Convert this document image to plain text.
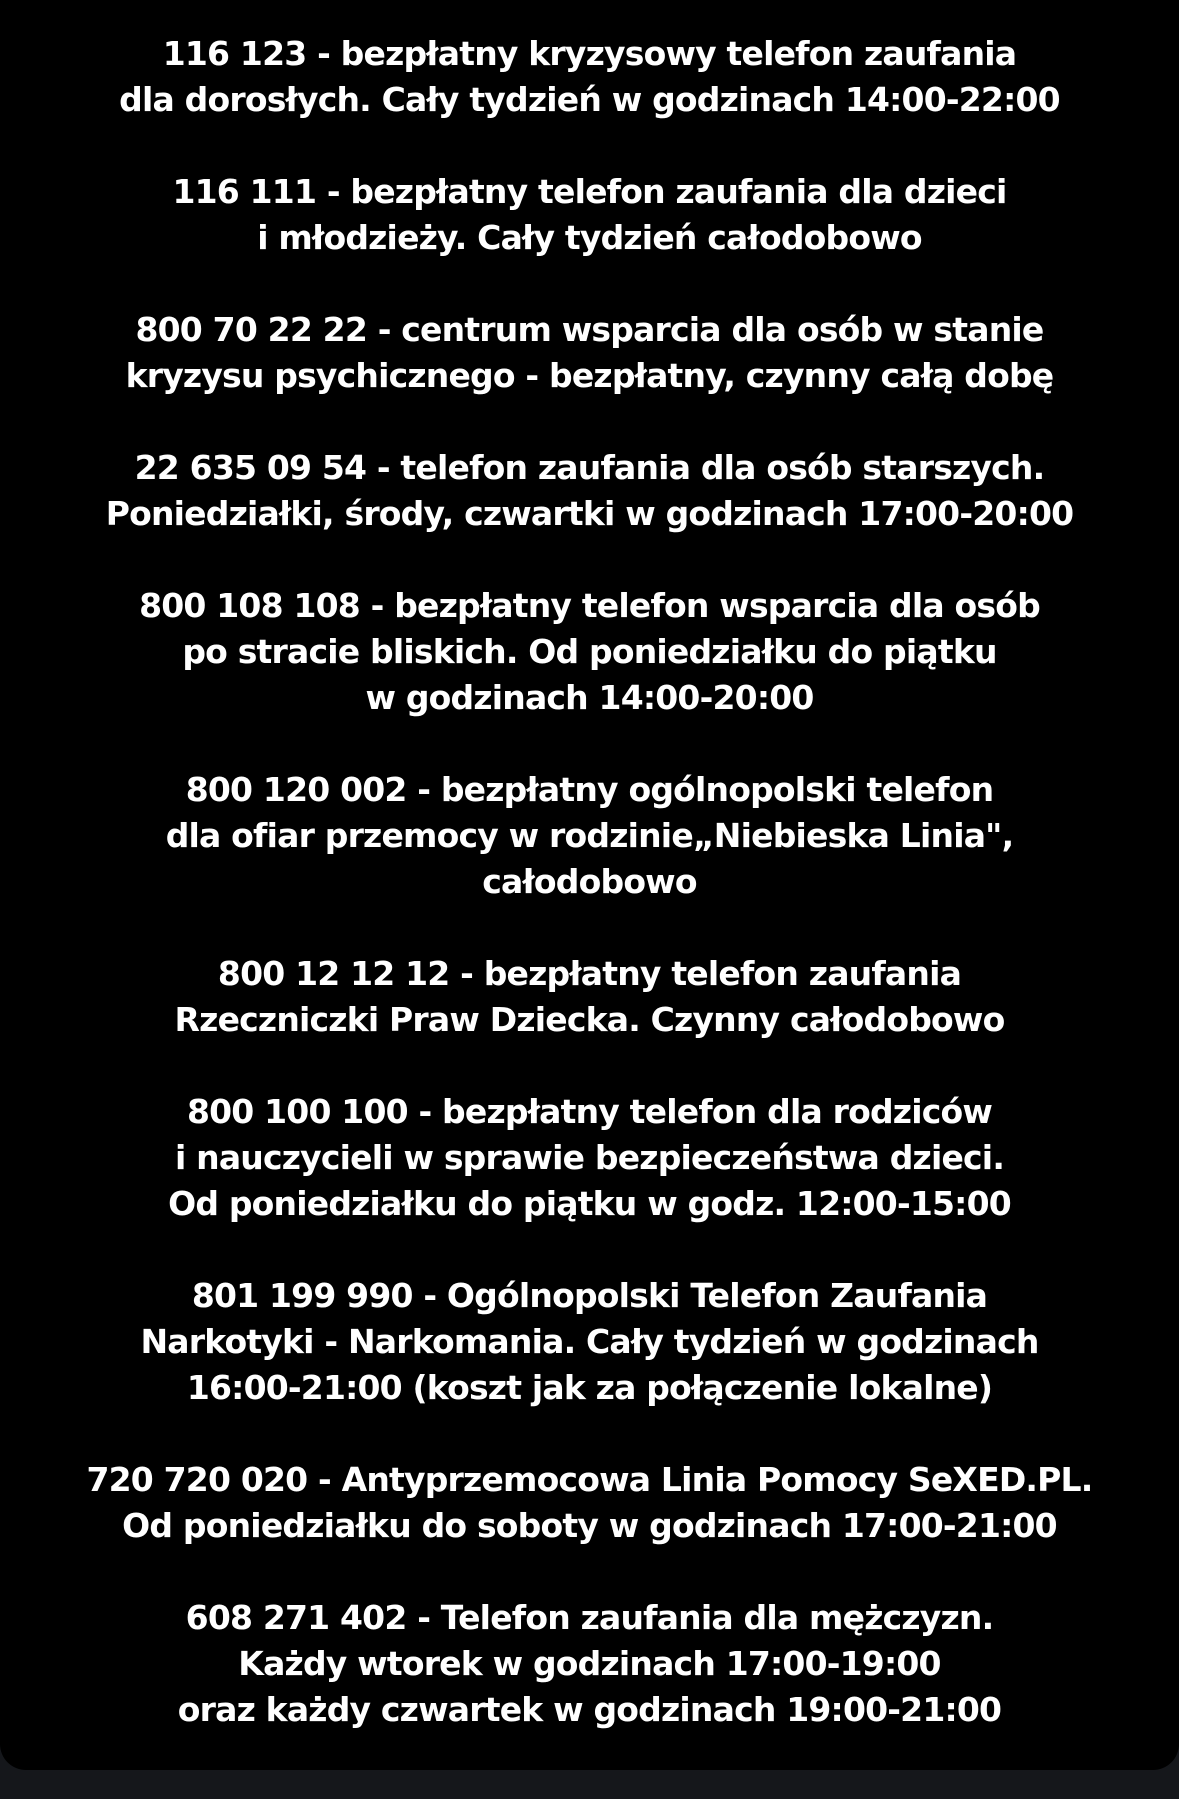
116 123 - bezpłatny kryzysowy telefon zaufania
dla dorosłych. Cały tydzień w godzinach 14:00-22:00
116 111 - bezpłatny telefon zaufania dla dzieci
i młodzieży. Cały tydzień całodobowo
800 70 22 22 - centrum wsparcia dla osób w stanie
kryzysu psychicznego - bezpłatny, czynny całą dobę
22 635 09 54 - telefon zaufania dla osób starszych.
Poniedziałki, środy, czwartki w godzinach 17:00-20:00
800 108 108 - bezpłatny telefon wsparcia dla osób
po stracie bliskich. Od poniedziałku do piątku
w godzinach 14:00-20:00
800 120 002 - bezpłatny ogólnopolski telefon
dla ofiar przemocy w rodzinie„Niebieska Linia",
całodobowo
800 12 12 12 - bezpłatny telefon zaufania
Rzeczniczki Praw Dziecka. Czynny całodobowo
800 100 100 - bezpłatny telefon dla rodziców
i nauczycieli w sprawie bezpieczeństwa dzieci.
Od poniedziałku do piątku w godz. 12:00-15:00
801 199 990 - Ogólnopolski Telefon Zaufania
Narkotyki - Narkomania. Cały tydzień w godzinach
16:00-21:00 (koszt jak za połączenie lokalne)
720 720 020 - Antyprzemocowa Linia Pomocy SeXED.PL.
Od poniedziałku do soboty w godzinach 17:00-21:00
608 271 402 - Telefon zaufania dla mężczyzn.
Każdy wtorek w godzinach 17:00-19:00
oraz każdy czwartek w godzinach 19:00-21:00
